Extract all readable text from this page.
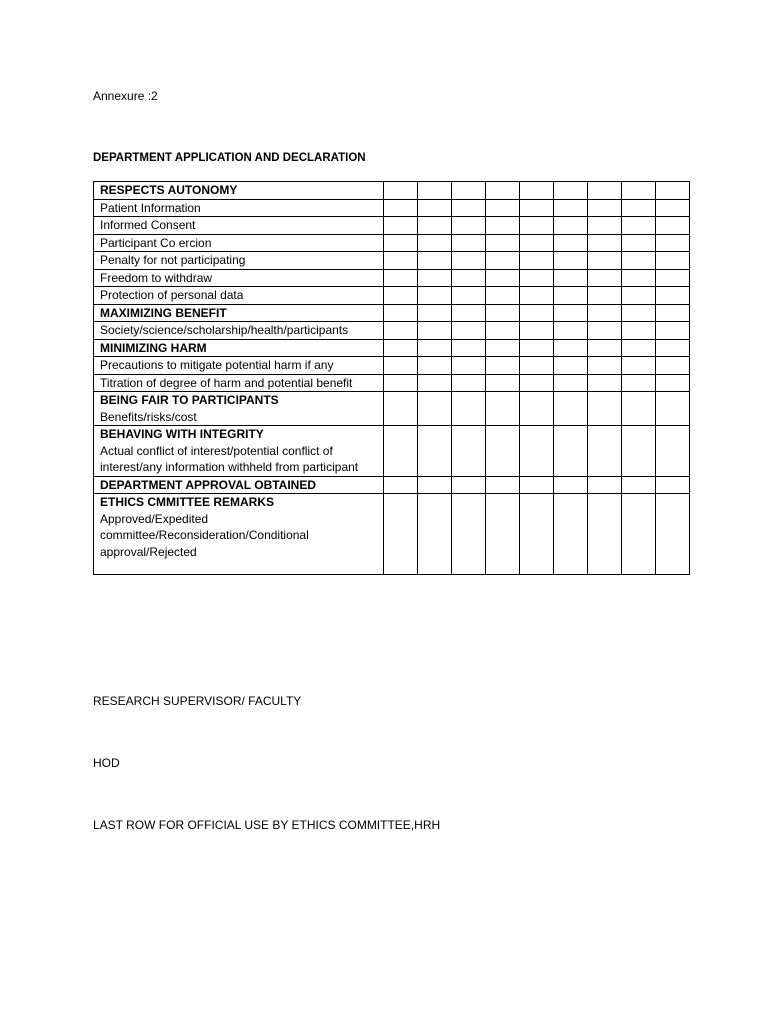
Annexure :2
DEPARTMENT APPLICATION AND DECLARATION
RESPECTS AUTONOMY									

Patient Information									

Informed Consent									

Participant Co ercion									

Penalty for not participating									

Freedom to withdraw									

Protection of personal data									

MAXIMIZING BENEFIT									

Society/science/scholarship/health/participants									

MINIMIZING HARM									

Precautions to mitigate potential harm if any									

Titration of degree of harm and potential benefit									

BEING FAIR TO PARTICIPANTS
Benefits/risks/cost									

BEHAVING WITH INTEGRITY
Actual conflict of interest/potential conflict of interest/any information withheld from participant									

DEPARTMENT APPROVAL OBTAINED									

ETHICS CMMITTEE REMARKS
Approved/Expedited committee/Reconsideration/Conditional approval/Rejected									

RESEARCH SUPERVISOR/ FACULTY
HOD
LAST ROW FOR OFFICIAL USE BY ETHICS COMMITTEE,HRH
